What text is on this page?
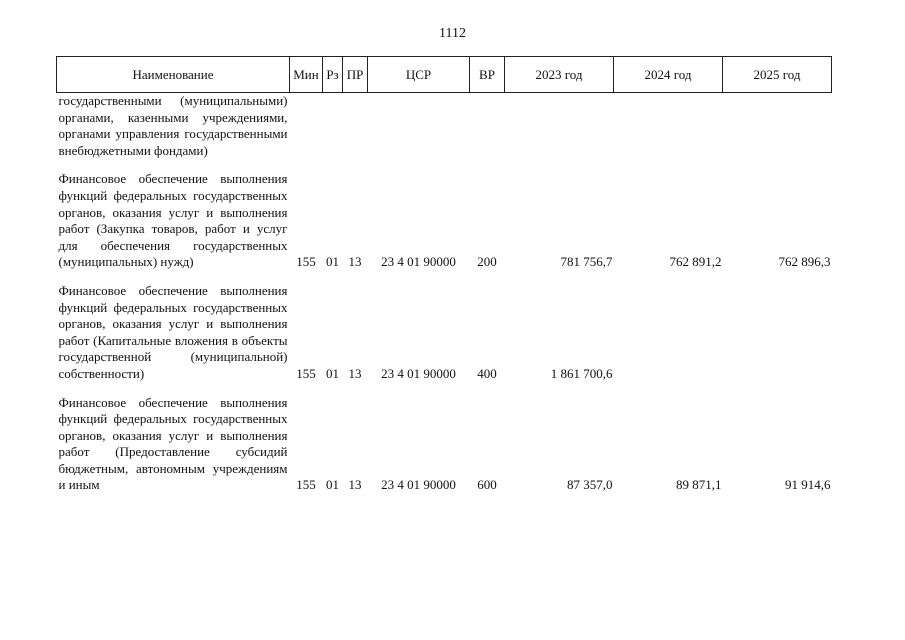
1112
Наименование	Мин	Рз	ПР	ЦСР	ВР	2023 год	2024 год	2025 год
государственными (муниципальными) органами, казенными учреждениями, органами управления государственными внебюджетными фондами)								

Финансовое обеспечение выполнения функций федеральных государственных органов, оказания услуг и выполнения работ (Закупка товаров, работ и услуг для обеспечения государственных (муниципальных) нужд)	155	01	13	23 4 01 90000	200	781 756,7	762 891,2	762 896,3

Финансовое обеспечение выполнения функций федеральных государственных органов, оказания услуг и выполнения работ (Капитальные вложения в объекты государственной (муниципальной) собственности)	155	01	13	23 4 01 90000	400	1 861 700,6		

Финансовое обеспечение выполнения функций федеральных государственных органов, оказания услуг и выполнения работ (Предоставление субсидий бюджетным, автономным учреждениям и иным	155	01	13	23 4 01 90000	600	87 357,0	89 871,1	91 914,6
